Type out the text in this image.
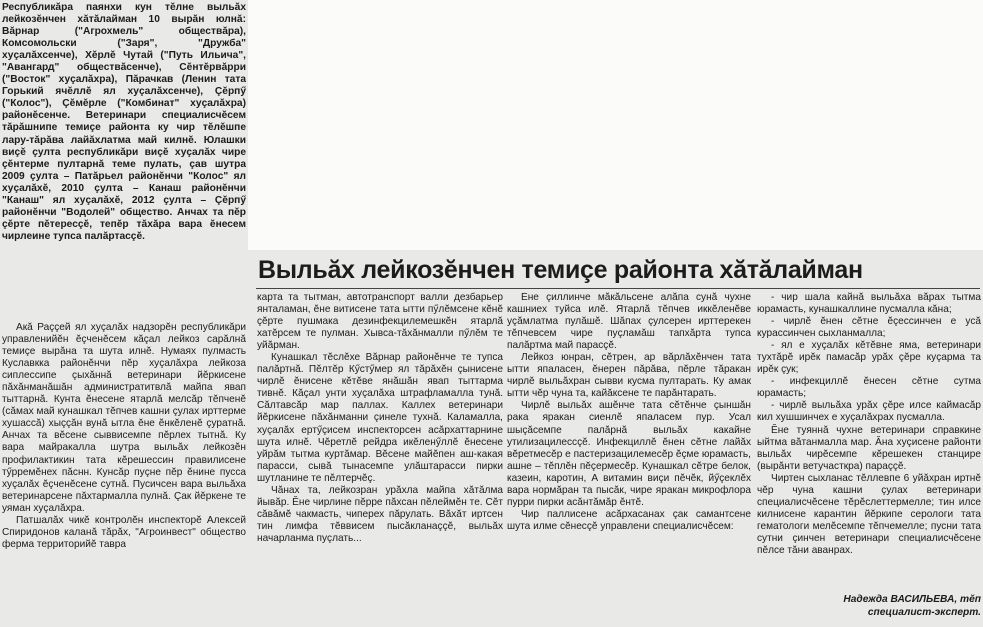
Республикăра паянхи кун тĕлне выльăх лейкозĕнчен хăтăлайман 10 вырăн юлнă: Вăрнар ("Агрохмель" обществăра), Комсомольски ("Заря", "Дружба" хуçалăхсенче), Хĕрлĕ Чутай ("Путь Ильича", "Авангард" обществăсенче), Сĕнтĕрвăрри ("Восток" хуçалăхра), Пăрачкав (Ленин тата Горький ячĕллĕ ял хуçалăхсенче), Çĕрпӳ ("Колос"), Çĕмĕрле ("Комбинат" хуçалăхра) районĕсенче. Ветеринари специалисчĕсем тăрăшнипе темиçе районта ку чир тĕлĕшпе лару-тăрăва лайăхлатма май килнĕ. Юлашки виçĕ çулта республикăри виçĕ хуçалăх чире çĕнтерме пултарнă теме пулать, çав шутра 2009 çулта – Патăрьел районĕнчи "Колос" ял хуçалăхĕ, 2010 çулта – Канаш районĕнчи "Канаш" ял хуçалăхĕ, 2012 çулта – Çĕрпӳ районĕнчи "Водолей" общество. Анчах та пĕр çĕрте пĕтересçĕ, тепĕр тăхăра вара ĕнесем чирлеине тупса палăртасçĕ.
Выльăх лейкозĕнчен темиçе районта хăтăлайман

Акă Раççей ял хуçалăх надзорĕн республикăри управленийĕн ĕçченĕсем кăçал лейкоз сарăлнă темиçе вырăна та шута илнĕ. Нумаях пулмасть Куславкка районĕнчи пĕр хуçалăхра лейкоза сиплессипе çыхăннă ветеринари йĕркисене пăхăнманăшăн администратитвлă майпа явап тыттарнă. Кунта ĕнесене ятарлă мелсăр тĕпченĕ (сăмах май кунашкал тĕпчев кашни çулах ирттерме хушассă) хыççăн вунă ытла ĕне ĕнкĕленĕ çуратнă. Анчах та вĕсене сыввисемпе пĕрлех тытнă. Ку вара майракалла шутра выльăх лейкозĕн профилактикин тата кĕрешессин правилисене тӳрремĕнех пăснн. Кунсăр пуçне пĕр ĕнине пусса хуçалăх ĕçченĕсене сутнă. Пусичсен вара выльăха ветеринарсене пăхтармалла пулнă. Çак йĕркене те уяман хуçалăхра.

Патшалăх чикĕ контролĕн инспекторĕ Алексей Спиридонов каланă тăрăх, "Агроинвест" общество ферма территорийĕ тавра

карта та тытман, автотранспорт валли дезбарьер янталаман, ĕне витисене тата ытти пӳлĕмсене кĕнĕ çĕрте пушмака дезинфекцилемешкĕн ятарлă хатĕрсем те пулман. Хывса-тăхăнмалли пӳлĕм те уйăрман.

Кунашкал тĕслĕхе Вăрнар районĕнче те тупса палăртнă. Пĕлтĕр Кӳстӳмер ял тăрăхĕн çынисене чирлĕ ĕнисене кĕтĕве янăшăн явап тыттарма тивнĕ. Кăçал унти хуçалăха штрафламалла тунă. Сăлтавсăр мар паллах. Каллех ветеринари йĕркисене пăхăнманни çинеле тухнă. Каламалла, хуçалăх ертӳçисем инспекторсен асăрхаттарнине шута илнĕ. Чĕретлĕ рейдра икĕленӳллĕ ĕнесене уйрăм тытма куртăмар. Вĕсене майĕпен аш-какая парасси, сывă тынасемпе улăштарасси пирки шутланине те пĕлтерчĕç.

Чăнах та, лейкозран урăхла майпа хăтăлма йывăр. Ĕне чирлине пĕрре пăхсан пĕлеймĕн те. Сĕт сăвăмĕ чакмасть, чиперех пăрулать. Вăхăт иртсен тин лимфа тĕввисем пысăкланаççĕ, выльăх начарланма пуçлать...

Ĕне çиллинче мăкăльсене алăпа сунă чухне кашниех туйса илĕ. Ятарлă тĕпчев иккĕленĕве уçăмлатма пулăшĕ. Шăпах çулсерен ирттерекен тĕпчевсем чире пуçламăш тапхăрта тупса палăртма май парасçĕ.

Лейкоз юнран, сĕтрен, ар вăрлăхĕнчен тата ытти япаласен, ĕнерен пăрăва, пĕрле тăракан чирлĕ выльăхран сывви кусма пултарать. Ку амак ытти чĕр чуна та, кайăксене те парăнтарать.

Чирлĕ выльăх ашĕнче тата сĕтĕнче çыншăн рака яракан сиенлĕ япаласем пур. Усал шыçăсемпе палăрнă выльăх какайне утилизацилессçĕ. Инфекциллĕ ĕнен сĕтне лайăх вĕретмесĕр е пастеризацилемесĕр ĕçме юрамасть, ашне – тĕплĕн пĕçермесĕр. Кунашкал сĕтре белок, казеин, каротин, А витамин виçи пĕчĕк, йӳçеклĕх вара нормăран та пысăк, чире яракан микрофлора пурри пирки асăнтăмăр ĕнтĕ.

Чир паллисене асăрхасанах çак самантсене шута илме сĕнесçĕ управлени специалисчĕсем:

- чир шала кайнă выльăха вăрах тытма юрамасть, кунашкаллине пусмалла кăна;

- чирлĕ ĕнен сĕтне ĕçессинчен е усă курассинчен сыхланмалла;

- ял е хуçалăх кĕтĕвне яма, ветеринари тухтăрĕ ирĕк памасăр урăх çĕре куçарма та ирĕк çук;

- инфекциллĕ ĕнесен сĕтне сутма юрамасть;

- чирлĕ выльăха урăх çĕре илсе каймасăр кил хушшинчех е хуçалăхрах пусмалла.

Ĕне туяннă чухне ветеринари справкине ыйтма вăтанмалла мар. Ăна хуçисене районти выльăх чирĕсемпе кĕрешекен станцире (вырăнти ветучасткра) параççĕ.

Чиртен сыхланас тĕллевпе 6 уйăхран иртнĕ чĕр чуна кашни çулах ветеринари специалисчĕсене тĕрĕслеттермелле; тин илсе килнисене карантин йĕркипе серологи тата гематологи мелĕсемпе тĕпчемелле; пусни тата сутни çинчен ветеринари специалисчĕсене пĕлсе тăни аванрах.

Надежда ВАСИЛЬЕВА, тĕп
специалист-эксперт.
